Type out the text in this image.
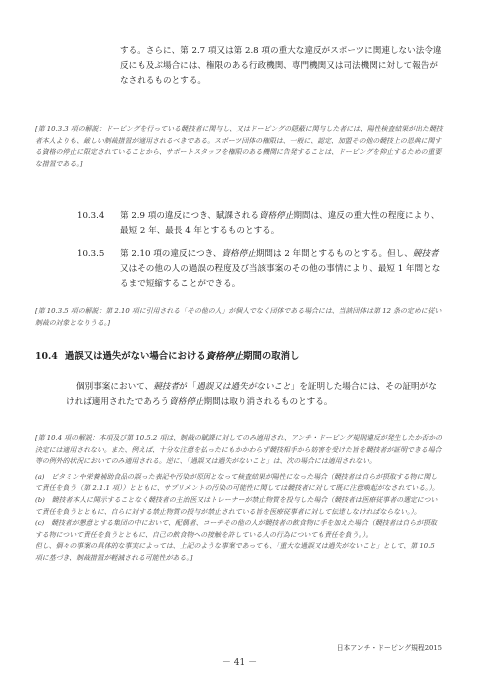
する。さらに、第 2.7 項又は第 2.8 項の重大な違反がスポーツに関連しない法令違反にも及ぶ場合には、権限のある行政機関、専門機関又は司法機関に対して報告がなされるものとする。

[第 10.3.3 項の解説：ドーピングを行っている競技者に関与し、又はドーピングの隠蔽に関与した者には、陽性検査結果が出た競技者本人よりも、厳しい制裁措置が適用されるべきである。スポーツ団体の権限は、一般に、認定、加盟その他の競技上の恩典に関する資格の停止に限定されていることから、サポートスタッフを権限のある機関に告発することは、ドーピングを抑止するための重要な措置である。]

10.3.4 第 2.9 項の違反につき、賦課される資格停止期間は、違反の重大性の程度により、最短 2 年、最長 4 年とするものとする。

10.3.5 第 2.10 項の違反につき、資格停止期間は 2 年間とするものとする。但し、競技者又はその他の人の過誤の程度及び当該事案のその他の事情により、最短 1 年間となるまで短縮することができる。

[第 10.3.5 項の解説：第 2.10 項に引用される「その他の人」が個人でなく団体である場合には、当該団体は第 12 条の定めに従い制裁の対象となりうる。]

10.4 過誤又は過失がない場合における資格停止期間の取消し

個別事案において、競技者が「過誤又は過失がないこと」を証明した場合には、その証明がなければ適用されたであろう資格停止期間は取り消されるものとする。

[第 10.4 項の解説：本項及び第 10.5.2 項は、制裁の賦課に対してのみ適用され、アンチ・ドーピング規則違反が発生したか否かの決定には適用されない。また、例えば、十分な注意を払ったにもかかわらず競技相手から妨害を受けた旨を競技者が証明できる場合等の例外的状況においてのみ適用される。逆に、「過誤又は過失がないこと」は、次の場合には適用されない。

(a)　ビタミンや栄養補助食品の誤った表記や汚染が原因となって検査結果が陽性になった場合（競技者は自らが摂取する物に関して責任を負う（第 2.1.1 項））とともに、サプリメントの汚染の可能性に関しては競技者に対して既に注意喚起がなされている。）。

(b)　競技者本人に開示することなく競技者の主治医又はトレーナーが禁止物質を投与した場合（競技者は医療従事者の選定について責任を負うとともに、自らに対する禁止物質の投与が禁止されている旨を医療従事者に対して伝達しなければならない。）。

(c)　競技者が懇意とする集団の中において、配偶者、コーチその他の人が競技者の飲食物に手を加えた場合（競技者は自らが摂取する物について責任を負うとともに、自己の飲食物への接触を許している人の行為についても責任を負う。）。

但し、個々の事案の具体的な事実によっては、上記のような事案であっても、「重大な過誤又は過失がないこと」として、第 10.5 項に基づき、制裁措置が軽減される可能性がある。]

日本アンチ・ドーピング規程2015
－ 41 －
